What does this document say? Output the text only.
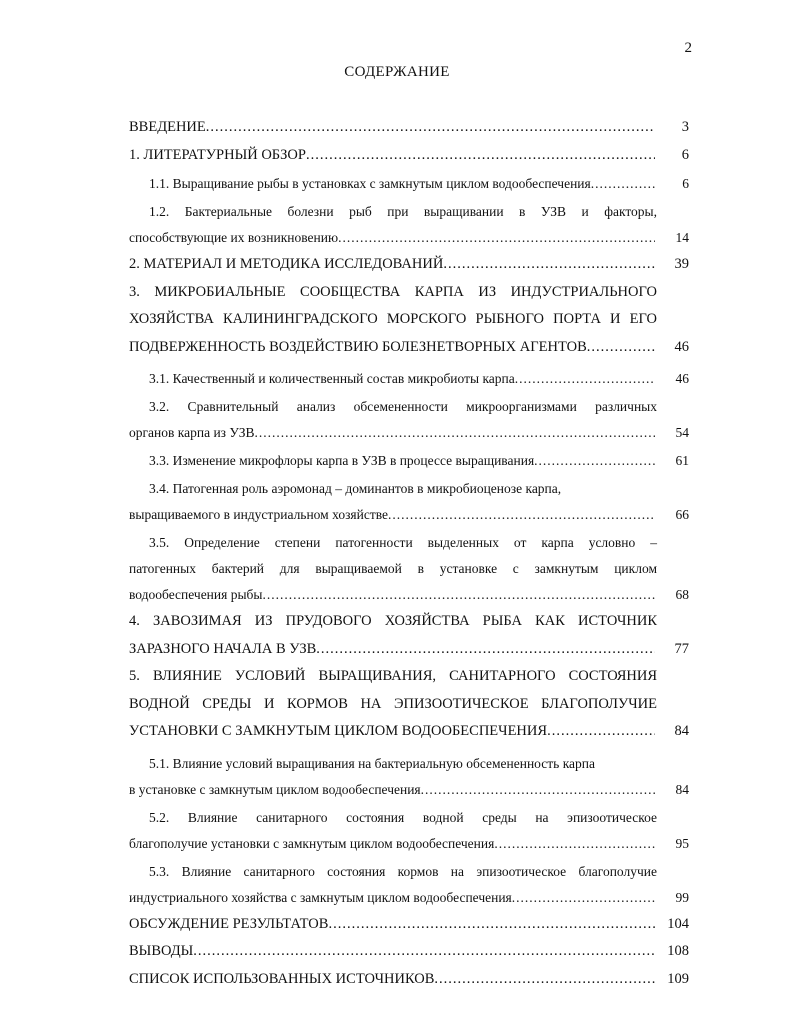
2
СОДЕРЖАНИЕ
ВВЕДЕНИЕ .....	3
1. ЛИТЕРАТУРНЫЙ ОБЗОР .....	6
1.1. Выращивание рыбы в установках с замкнутым циклом водообеспечения .....	6
1.2. Бактериальные болезни рыб при выращивании в УЗВ и факторы,
способствующие их возникновению .....	14
2. МАТЕРИАЛ И МЕТОДИКА ИССЛЕДОВАНИЙ .....	39
3. МИКРОБИАЛЬНЫЕ СООБЩЕСТВА КАРПА ИЗ ИНДУСТРИАЛЬНОГО
ХОЗЯЙСТВА КАЛИНИНГРАДСКОГО МОРСКОГО РЫБНОГО ПОРТА И ЕГО
ПОДВЕРЖЕННОСТЬ ВОЗДЕЙСТВИЮ БОЛЕЗНЕТВОРНЫХ АГЕНТОВ .....	46
3.1. Качественный и количественный состав микробиоты карпа .....	46
3.2. Сравнительный анализ обсемененности микроорганизмами различных
органов карпа из УЗВ .....	54
3.3. Изменение микрофлоры карпа в УЗВ в процессе выращивания .....	61
3.4. Патогенная роль аэромонад – доминантов в микробиоценозе карпа,
выращиваемого в индустриальном хозяйстве .....	66
3.5. Определение степени патогенности выделенных от карпа условно –
патогенных бактерий для выращиваемой в установке с замкнутым циклом
водообеспечения рыбы .....	68
4. ЗАВОЗИМАЯ ИЗ ПРУДОВОГО ХОЗЯЙСТВА РЫБА КАК ИСТОЧНИК
ЗАРАЗНОГО НАЧАЛА В УЗВ .....	77
5. ВЛИЯНИЕ УСЛОВИЙ ВЫРАЩИВАНИЯ, САНИТАРНОГО СОСТОЯНИЯ
ВОДНОЙ СРЕДЫ И КОРМОВ НА ЭПИЗООТИЧЕСКОЕ БЛАГОПОЛУЧИЕ
УСТАНОВКИ С ЗАМКНУТЫМ ЦИКЛОМ ВОДООБЕСПЕЧЕНИЯ .....	84
5.1. Влияние условий выращивания на бактериальную обсемененность карпа
в установке с замкнутым циклом водообеспечения .....	84
5.2. Влияние санитарного состояния водной среды на эпизоотическое
благополучие установки с замкнутым циклом водообеспечения .....	95
5.3. Влияние санитарного состояния кормов на эпизоотическое благополучие
индустриального хозяйства с замкнутым циклом водообеспечения .....	99
ОБСУЖДЕНИЕ РЕЗУЛЬТАТОВ .....	104
ВЫВОДЫ .....	108
СПИСОК ИСПОЛЬЗОВАННЫХ ИСТОЧНИКОВ .....	109
